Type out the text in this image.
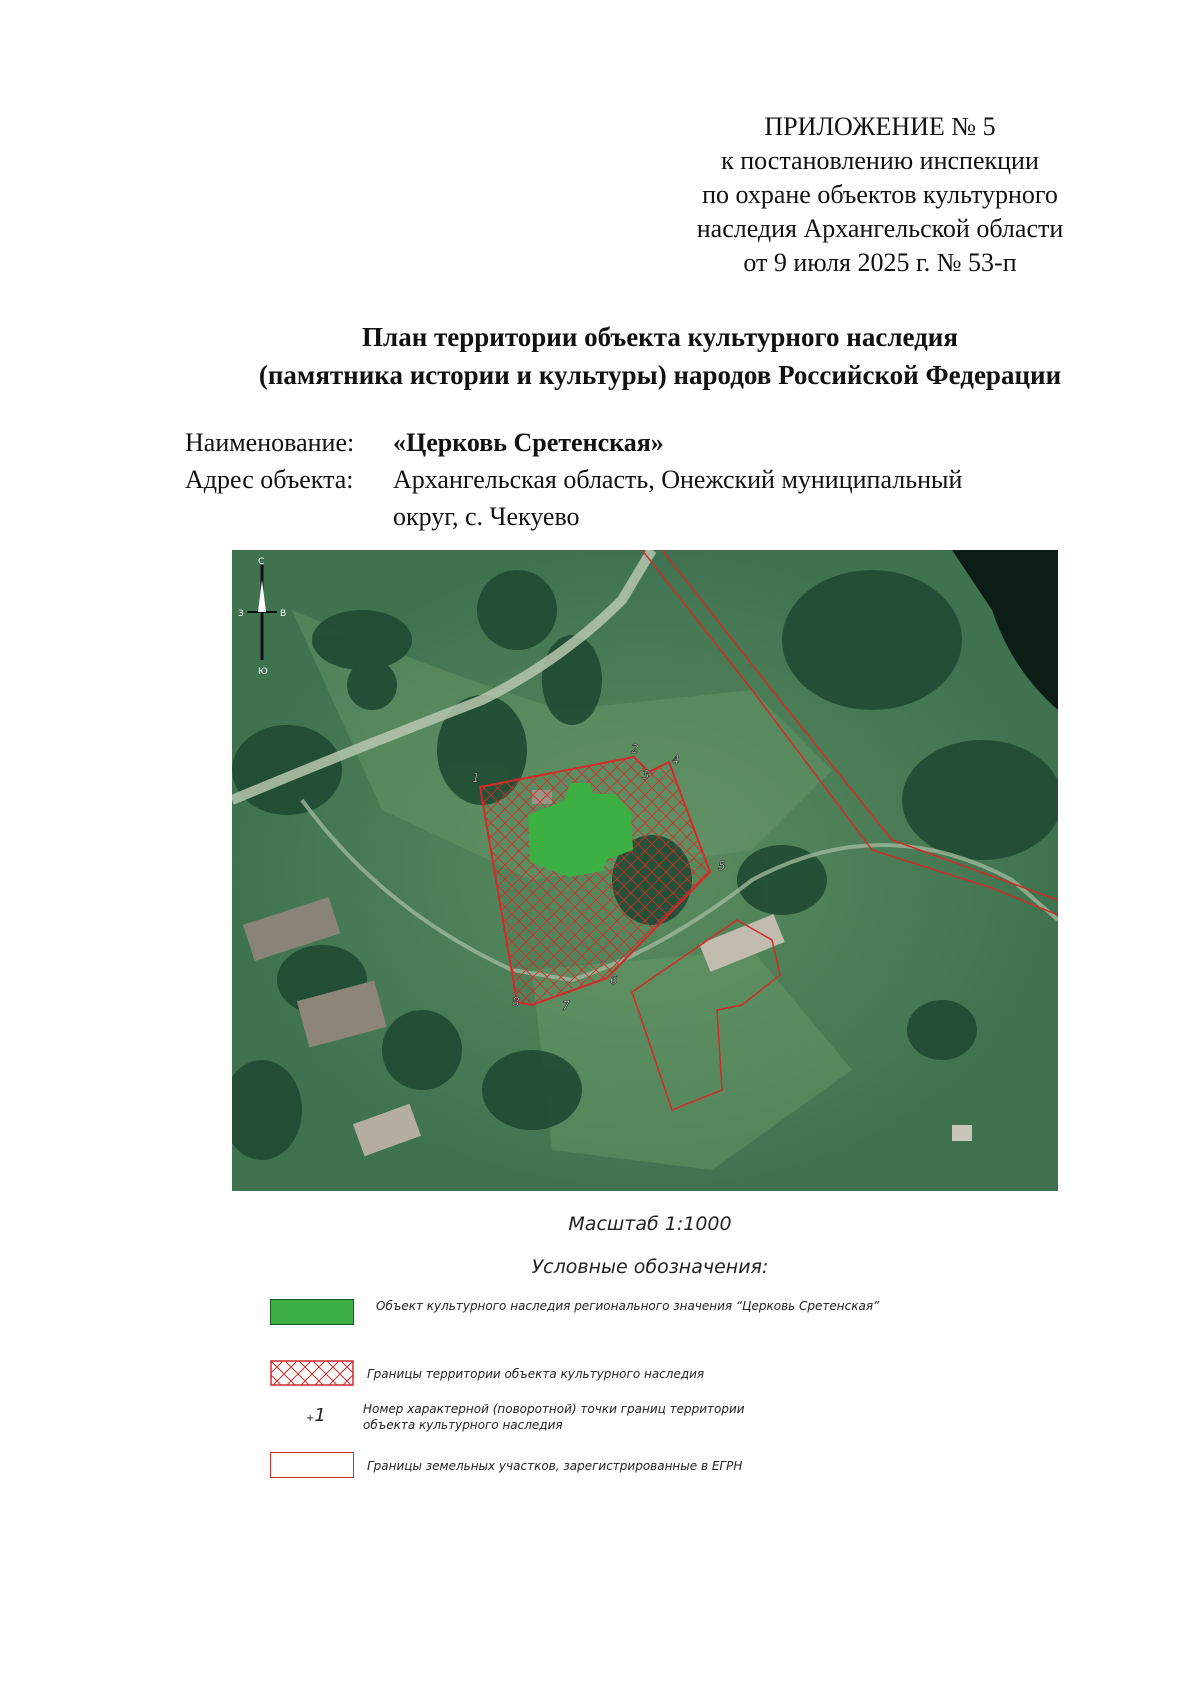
ПРИЛОЖЕНИЕ № 5
к постановлению инспекции
по охране объектов культурного
наследия Архангельской области
от 9 июля 2025 г. № 53-п
План территории объекта культурного наследия
(памятника истории и культуры) народов Российской Федерации
Наименование:	«Церковь Сретенская»
Адрес объекта:	Архангельская область, Онежский муниципальный
округ, с. Чекуево
С
Ю
З	В
1
2
3
4
5
6
7
8
Масштаб 1:1000
Условные обозначения:
Объект культурного наследия регионального значения “Церковь Сретенская”
Границы территории объекта культурного наследия
+1	Номер характерной (поворотной) точки границ территории
объекта культурного наследия
Границы земельных участков, зарегистрированные в ЕГРН
